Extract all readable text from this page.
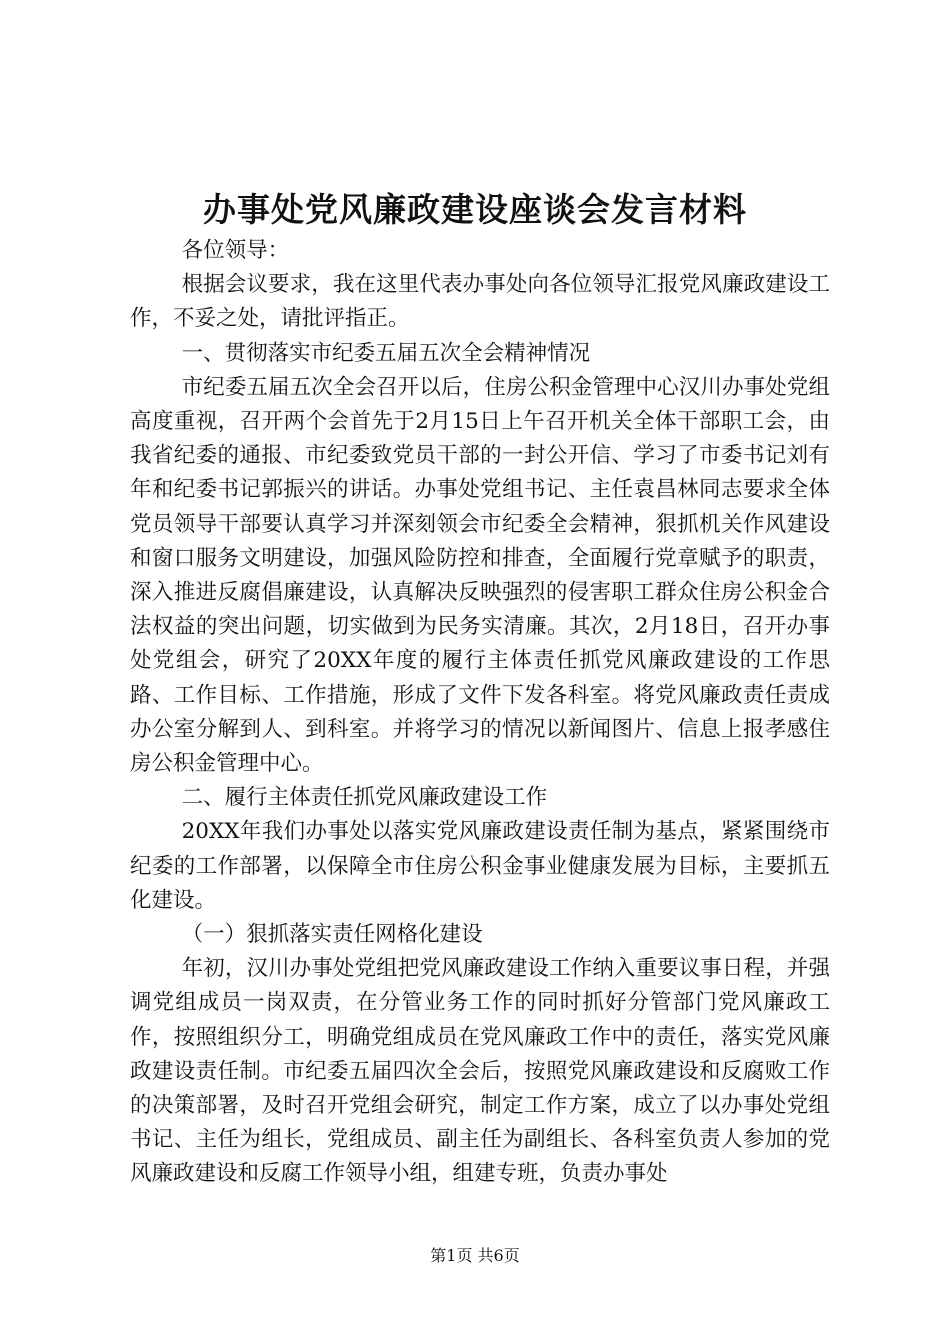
办事处党风廉政建设座谈会发言材料

各位领导：

根据会议要求，我在这里代表办事处向各位领导汇报党风廉政建设工作，不妥之处，请批评指正。

一、贯彻落实市纪委五届五次全会精神情况

市纪委五届五次全会召开以后，住房公积金管理中心汉川办事处党组高度重视，召开两个会首先于2月15日上午召开机关全体干部职工会，由我省纪委的通报、市纪委致党员干部的一封公开信、学习了市委书记刘有年和纪委书记郭振兴的讲话。办事处党组书记、主任袁昌林同志要求全体党员领导干部要认真学习并深刻领会市纪委全会精神，狠抓机关作风建设和窗口服务文明建设，加强风险防控和排查，全面履行党章赋予的职责，深入推进反腐倡廉建设，认真解决反映强烈的侵害职工群众住房公积金合法权益的突出问题，切实做到为民务实清廉。其次，2月18日，召开办事处党组会，研究了20XX年度的履行主体责任抓党风廉政建设的工作思路、工作目标、工作措施，形成了文件下发各科室。将党风廉政责任责成办公室分解到人、到科室。并将学习的情况以新闻图片、信息上报孝感住房公积金管理中心。

二、履行主体责任抓党风廉政建设工作

20XX年我们办事处以落实党风廉政建设责任制为基点，紧紧围绕市纪委的工作部署，以保障全市住房公积金事业健康发展为目标，主要抓五化建设。

（一）狠抓落实责任网格化建设

年初，汉川办事处党组把党风廉政建设工作纳入重要议事日程，并强调党组成员一岗双责，在分管业务工作的同时抓好分管部门党风廉政工作，按照组织分工，明确党组成员在党风廉政工作中的责任，落实党风廉政建设责任制。市纪委五届四次全会后，按照党风廉政建设和反腐败工作的决策部署，及时召开党组会研究，制定工作方案，成立了以办事处党组书记、主任为组长，党组成员、副主任为副组长、各科室负责人参加的党风廉政建设和反腐工作领导小组，组建专班，负责办事处

第1页 共6页
